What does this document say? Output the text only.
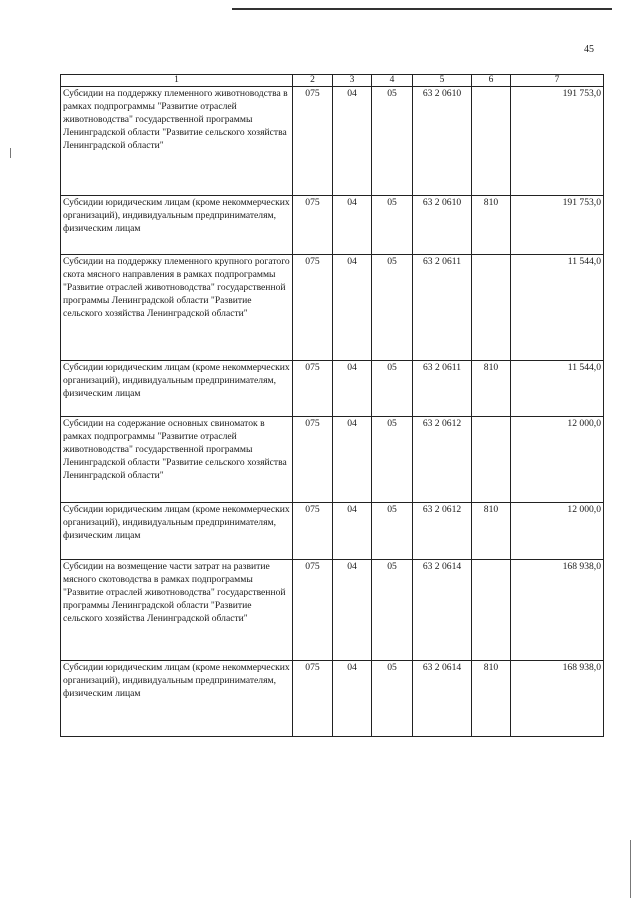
45
1	2	3	4	5	6	7
Субсидии на поддержку племенного животноводства в рамках подпрограммы "Развитие отраслей животноводства" государственной программы Ленинградской области "Развитие сельского хозяйства Ленинградской области"	075	04	05	63 2 0610		191 753,0
Субсидии юридическим лицам (кроме некоммерческих организаций), индивидуальным предпринимателям, физическим лицам	075	04	05	63 2 0610	810	191 753,0
Субсидии на поддержку племенного крупного рогатого скота мясного направления в рамках подпрограммы "Развитие отраслей животноводства" государственной программы Ленинградской области "Развитие сельского хозяйства Ленинградской области"	075	04	05	63 2 0611		11 544,0
Субсидии юридическим лицам (кроме некоммерческих организаций), индивидуальным предпринимателям, физическим лицам	075	04	05	63 2 0611	810	11 544,0
Субсидии на содержание основных свиноматок в рамках подпрограммы "Развитие отраслей животноводства" государственной программы Ленинградской области "Развитие сельского хозяйства Ленинградской области"	075	04	05	63 2 0612		12 000,0
Субсидии юридическим лицам (кроме некоммерческих организаций), индивидуальным предпринимателям, физическим лицам	075	04	05	63 2 0612	810	12 000,0
Субсидии на возмещение части затрат на развитие мясного скотоводства в рамках подпрограммы "Развитие отраслей животноводства" государственной программы Ленинградской области "Развитие сельского хозяйства Ленинградской области"	075	04	05	63 2 0614		168 938,0
Субсидии юридическим лицам (кроме некоммерческих организаций), индивидуальным предпринимателям, физическим лицам	075	04	05	63 2 0614	810	168 938,0
